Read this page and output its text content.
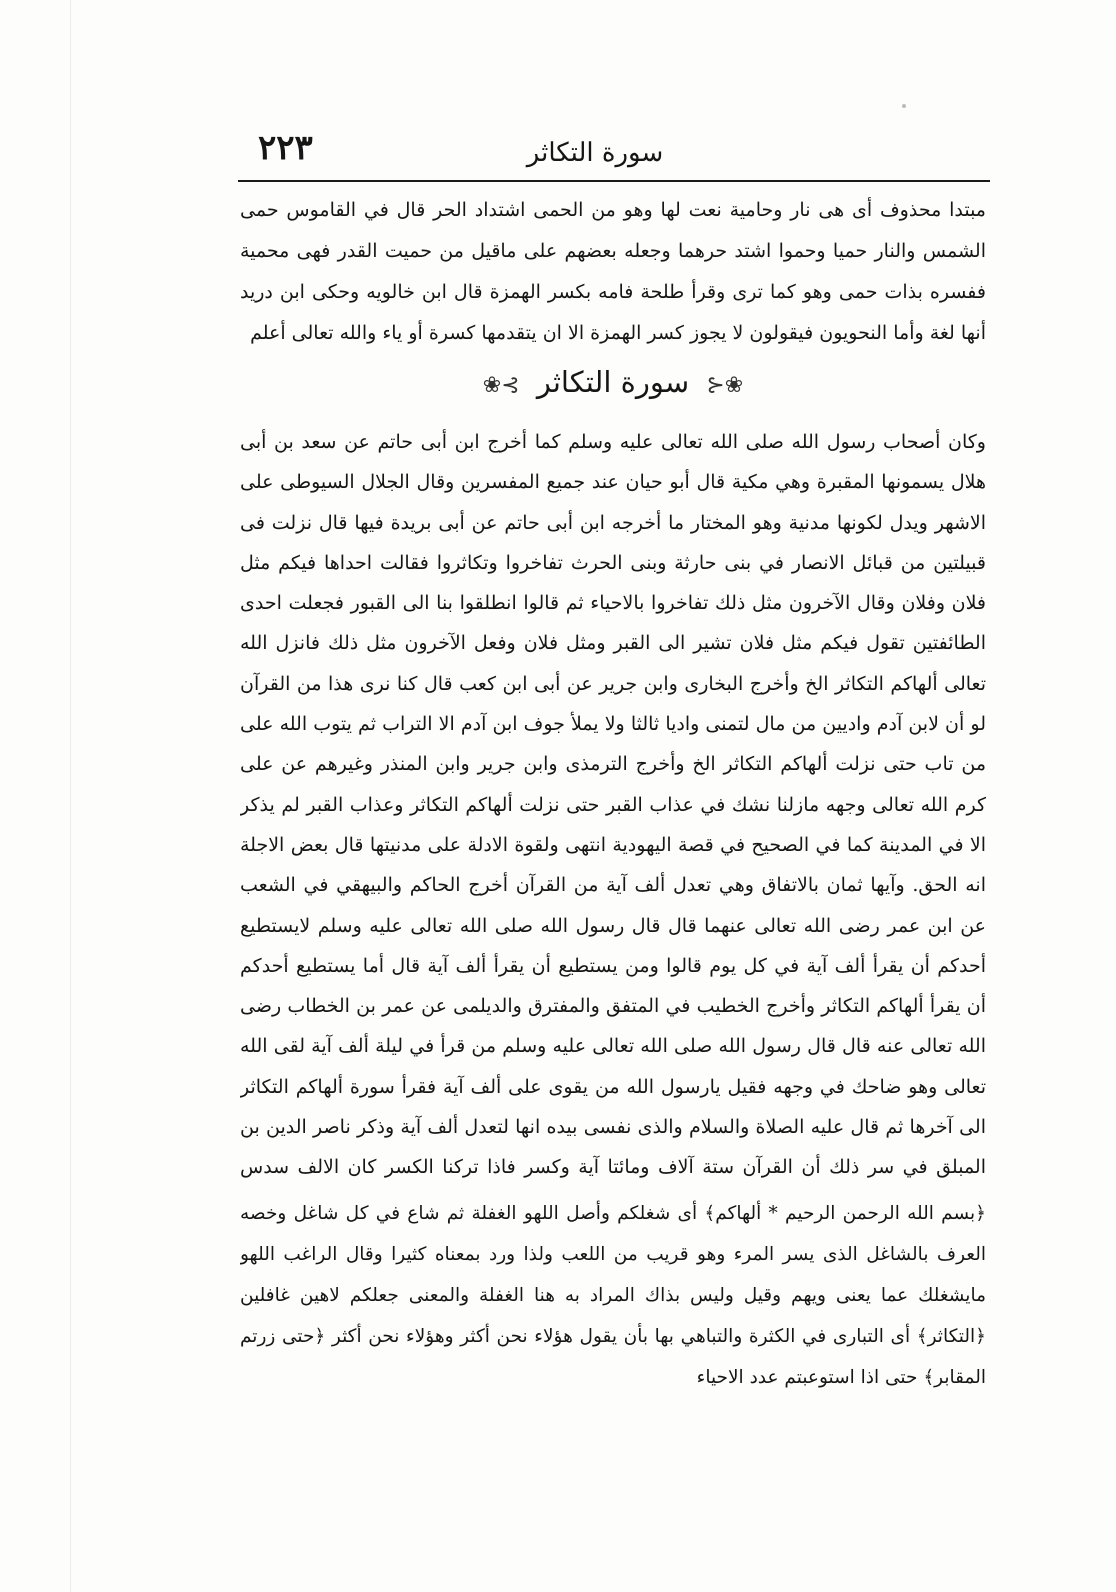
٢٢٣	سورة التكاثر
مبتدا محذوف أى هى نار وحامية نعت لها وهو من الحمى اشتداد الحر قال في القاموس حمى الشمس والنار حميا وحموا اشتد حرهما وجعله بعضهم على ماقيل من حميت القدر فهى محمية ففسره بذات حمى وهو كما ترى وقرأ طلحة فامه بكسر الهمزة قال ابن خالويه وحكى ابن دريد أنها لغة وأما النحويون فيقولون لا يجوز كسر الهمزة الا ان يتقدمها كسرة أو ياء والله تعالى أعلم
❀⊰ سورة التكاثر ⊱❀
وكان أصحاب رسول الله صلى الله تعالى عليه وسلم كما أخرج ابن أبى حاتم عن سعد بن أبى هلال يسمونها المقبرة وهي مكية قال أبو حيان عند جميع المفسرين وقال الجلال السيوطى على الاشهر ويدل لكونها مدنية وهو المختار ما أخرجه ابن أبى حاتم عن أبى بريدة فيها قال نزلت فى قبيلتين من قبائل الانصار في بنى حارثة وبنى الحرث تفاخروا وتكاثروا فقالت احداها فيكم مثل فلان وفلان وقال الآخرون مثل ذلك تفاخروا بالاحياء ثم قالوا انطلقوا بنا الى القبور فجعلت احدى الطائفتين تقول فيكم مثل فلان تشير الى القبر ومثل فلان وفعل الآخرون مثل ذلك فانزل الله تعالى ألهاكم التكاثر الخ وأخرج البخارى وابن جرير عن أبى ابن كعب قال كنا نرى هذا من القرآن لو أن لابن آدم واديين من مال لتمنى واديا ثالثا ولا يملأ جوف ابن آدم الا التراب ثم يتوب الله على من تاب حتى نزلت ألهاكم التكاثر الخ وأخرج الترمذى وابن جرير وابن المنذر وغيرهم عن على كرم الله تعالى وجهه مازلنا نشك في عذاب القبر حتى نزلت ألهاكم التكاثر وعذاب القبر لم يذكر الا في المدينة كما في الصحيح في قصة اليهودية انتهى ولقوة الادلة على مدنيتها قال بعض الاجلة انه الحق. وآيها ثمان بالاتفاق وهي تعدل ألف آية من القرآن أخرج الحاكم والبيهقي في الشعب عن ابن عمر رضى الله تعالى عنهما قال قال رسول الله صلى الله تعالى عليه وسلم لايستطيع أحدكم أن يقرأ ألف آية في كل يوم قالوا ومن يستطيع أن يقرأ ألف آية قال أما يستطيع أحدكم أن يقرأ ألهاكم التكاثر وأخرج الخطيب في المتفق والمفترق والديلمى عن عمر بن الخطاب رضى الله تعالى عنه قال قال رسول الله صلى الله تعالى عليه وسلم من قرأ في ليلة ألف آية لقى الله تعالى وهو ضاحك في وجهه فقيل يارسول الله من يقوى على ألف آية فقرأ سورة ألهاكم التكاثر الى آخرها ثم قال عليه الصلاة والسلام والذى نفسى بيده انها لتعدل ألف آية وذكر ناصر الدين بن المبلق في سر ذلك أن القرآن ستة آلاف ومائتا آية وكسر فاذا تركنا الكسر كان الالف سدس
﴿بسم الله الرحمن الرحيم * ألهاكم﴾ أى شغلكم وأصل اللهو الغفلة ثم شاع في كل شاغل وخصه العرف بالشاغل الذى يسر المرء وهو قريب من اللعب ولذا ورد بمعناه كثيرا وقال الراغب اللهو مايشغلك عما يعنى ويهم وقيل وليس بذاك المراد به هنا الغفلة والمعنى جعلكم لاهين غافلين ﴿التكاثر﴾ أى التبارى في الكثرة والتباهي بها بأن يقول هؤلاء نحن أكثر وهؤلاء نحن أكثر ﴿حتى زرتم المقابر﴾ حتى اذا استوعبتم عدد الاحياء
